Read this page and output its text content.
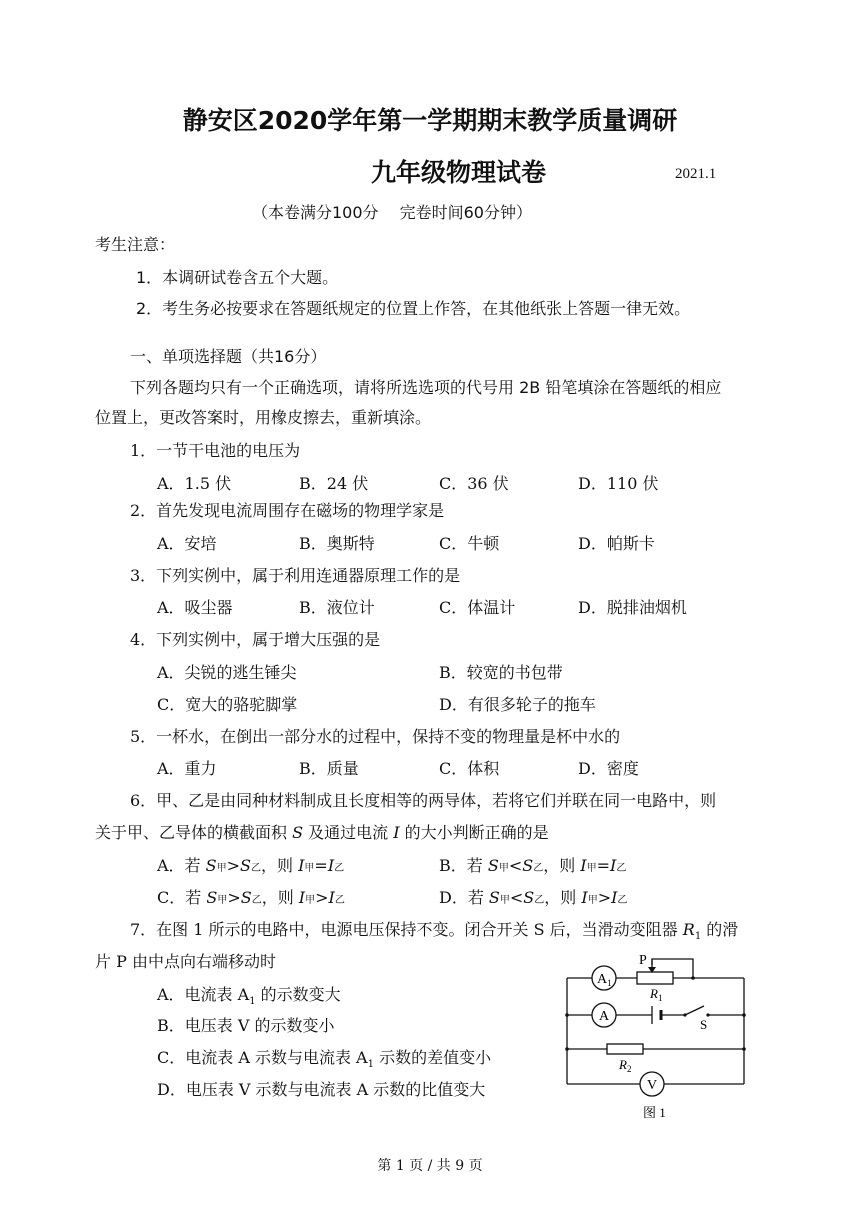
静安区2020学年第一学期期末教学质量调研
九年级物理试卷	2021.1
（本卷满分100分　 完卷时间60分钟）
考生注意：
1．本调研试卷含五个大题。
2．考生务必按要求在答题纸规定的位置上作答，在其他纸张上答题一律无效。
一、单项选择题（共16分）
下列各题均只有一个正确选项，请将所选选项的代号用 2B 铅笔填涂在答题纸的相应
位置上，更改答案时，用橡皮擦去，重新填涂。
1．一节干电池的电压为
A．1.5 伏	B．24 伏	C．36 伏	D．110 伏
2．首先发现电流周围存在磁场的物理学家是
A．安培	B．奥斯特	C．牛顿	D．帕斯卡
3．下列实例中，属于利用连通器原理工作的是
A．吸尘器	B．液位计	C．体温计	D．脱排油烟机
4．下列实例中，属于增大压强的是
A．尖锐的逃生锤尖	B．较宽的书包带
C．宽大的骆驼脚掌	D．有很多轮子的拖车
5．一杯水，在倒出一部分水的过程中，保持不变的物理量是杯中水的
A．重力	B．质量	C．体积	D．密度
6．甲、乙是由同种材料制成且长度相等的两导体，若将它们并联在同一电路中，则
关于甲、乙导体的横截面积 S 及通过电流 I 的大小判断正确的是
A．若 S甲>S乙，则 I甲=I乙	B．若 S甲<S乙，则 I甲=I乙
C．若 S甲>S乙，则 I甲>I乙	D．若 S甲<S乙，则 I甲>I乙
7．在图 1 所示的电路中，电源电压保持不变。闭合开关 S 后，当滑动变阻器 $R_1$ 的滑
片 P 由中点向右端移动时
A．电流表 $A_1$ 的示数变大
B．电压表 V 的示数变小
C．电流表 A 示数与电流表 $A_1$ 示数的差值变小
D．电压表 V 示数与电流表 A 示数的比值变大
$A_1$
A
V
P
$R_1$
S
$R_2$
图 1
第 1 页 / 共 9 页
